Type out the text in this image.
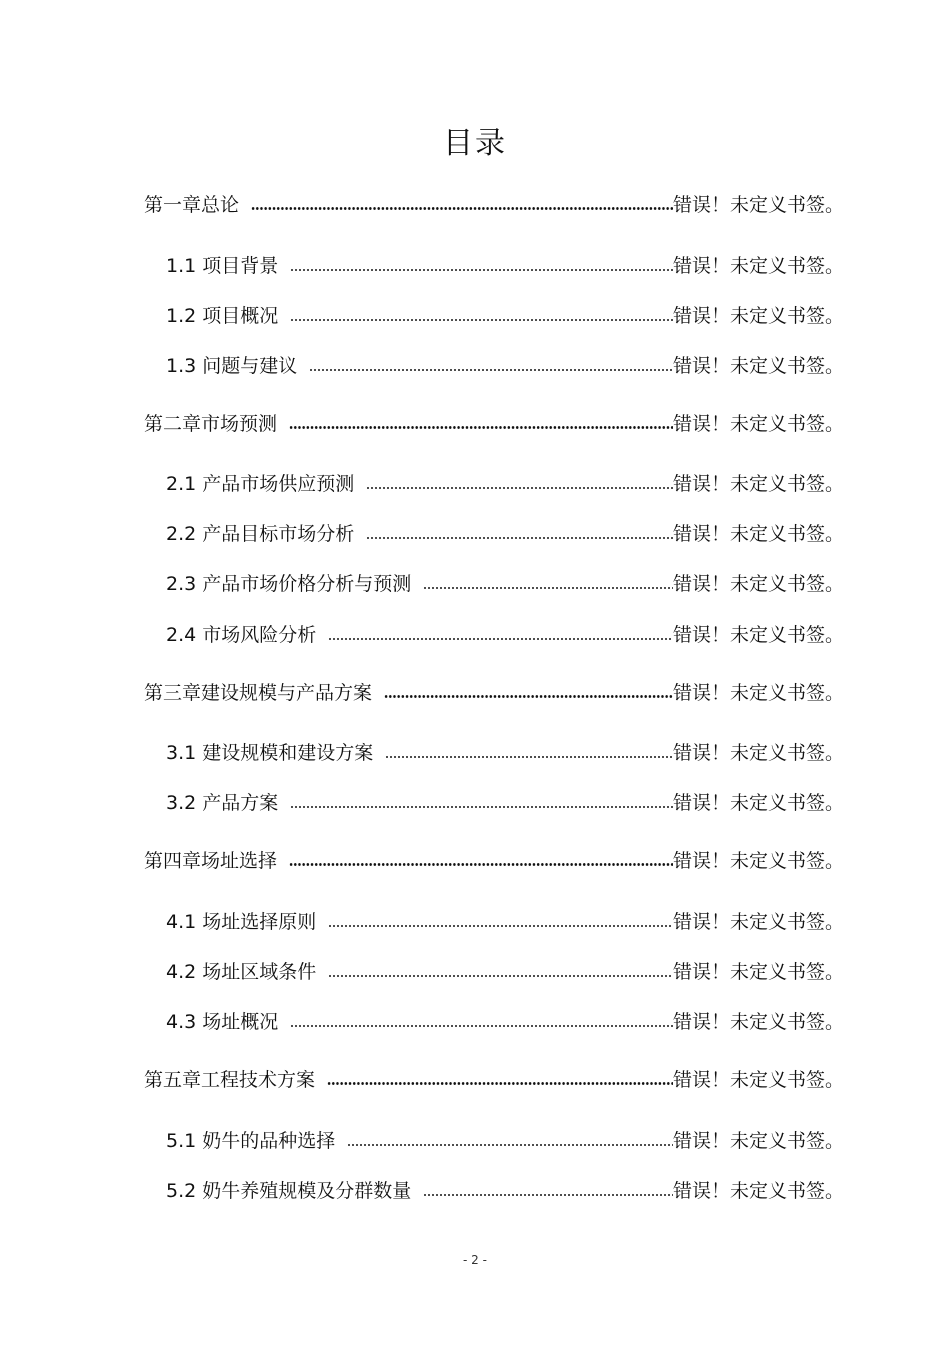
目录
第一章总论	错误！未定义书签。
1.1 项目背景	错误！未定义书签。
1.2 项目概况	错误！未定义书签。
1.3 问题与建议	错误！未定义书签。
第二章市场预测	错误！未定义书签。
2.1 产品市场供应预测	错误！未定义书签。
2.2 产品目标市场分析	错误！未定义书签。
2.3 产品市场价格分析与预测	错误！未定义书签。
2.4 市场风险分析	错误！未定义书签。
第三章建设规模与产品方案	错误！未定义书签。
3.1 建设规模和建设方案	错误！未定义书签。
3.2 产品方案	错误！未定义书签。
第四章场址选择	错误！未定义书签。
4.1 场址选择原则	错误！未定义书签。
4.2 场址区域条件	错误！未定义书签。
4.3 场址概况	错误！未定义书签。
第五章工程技术方案	错误！未定义书签。
5.1 奶牛的品种选择	错误！未定义书签。
5.2 奶牛养殖规模及分群数量	错误！未定义书签。
- 2 -
